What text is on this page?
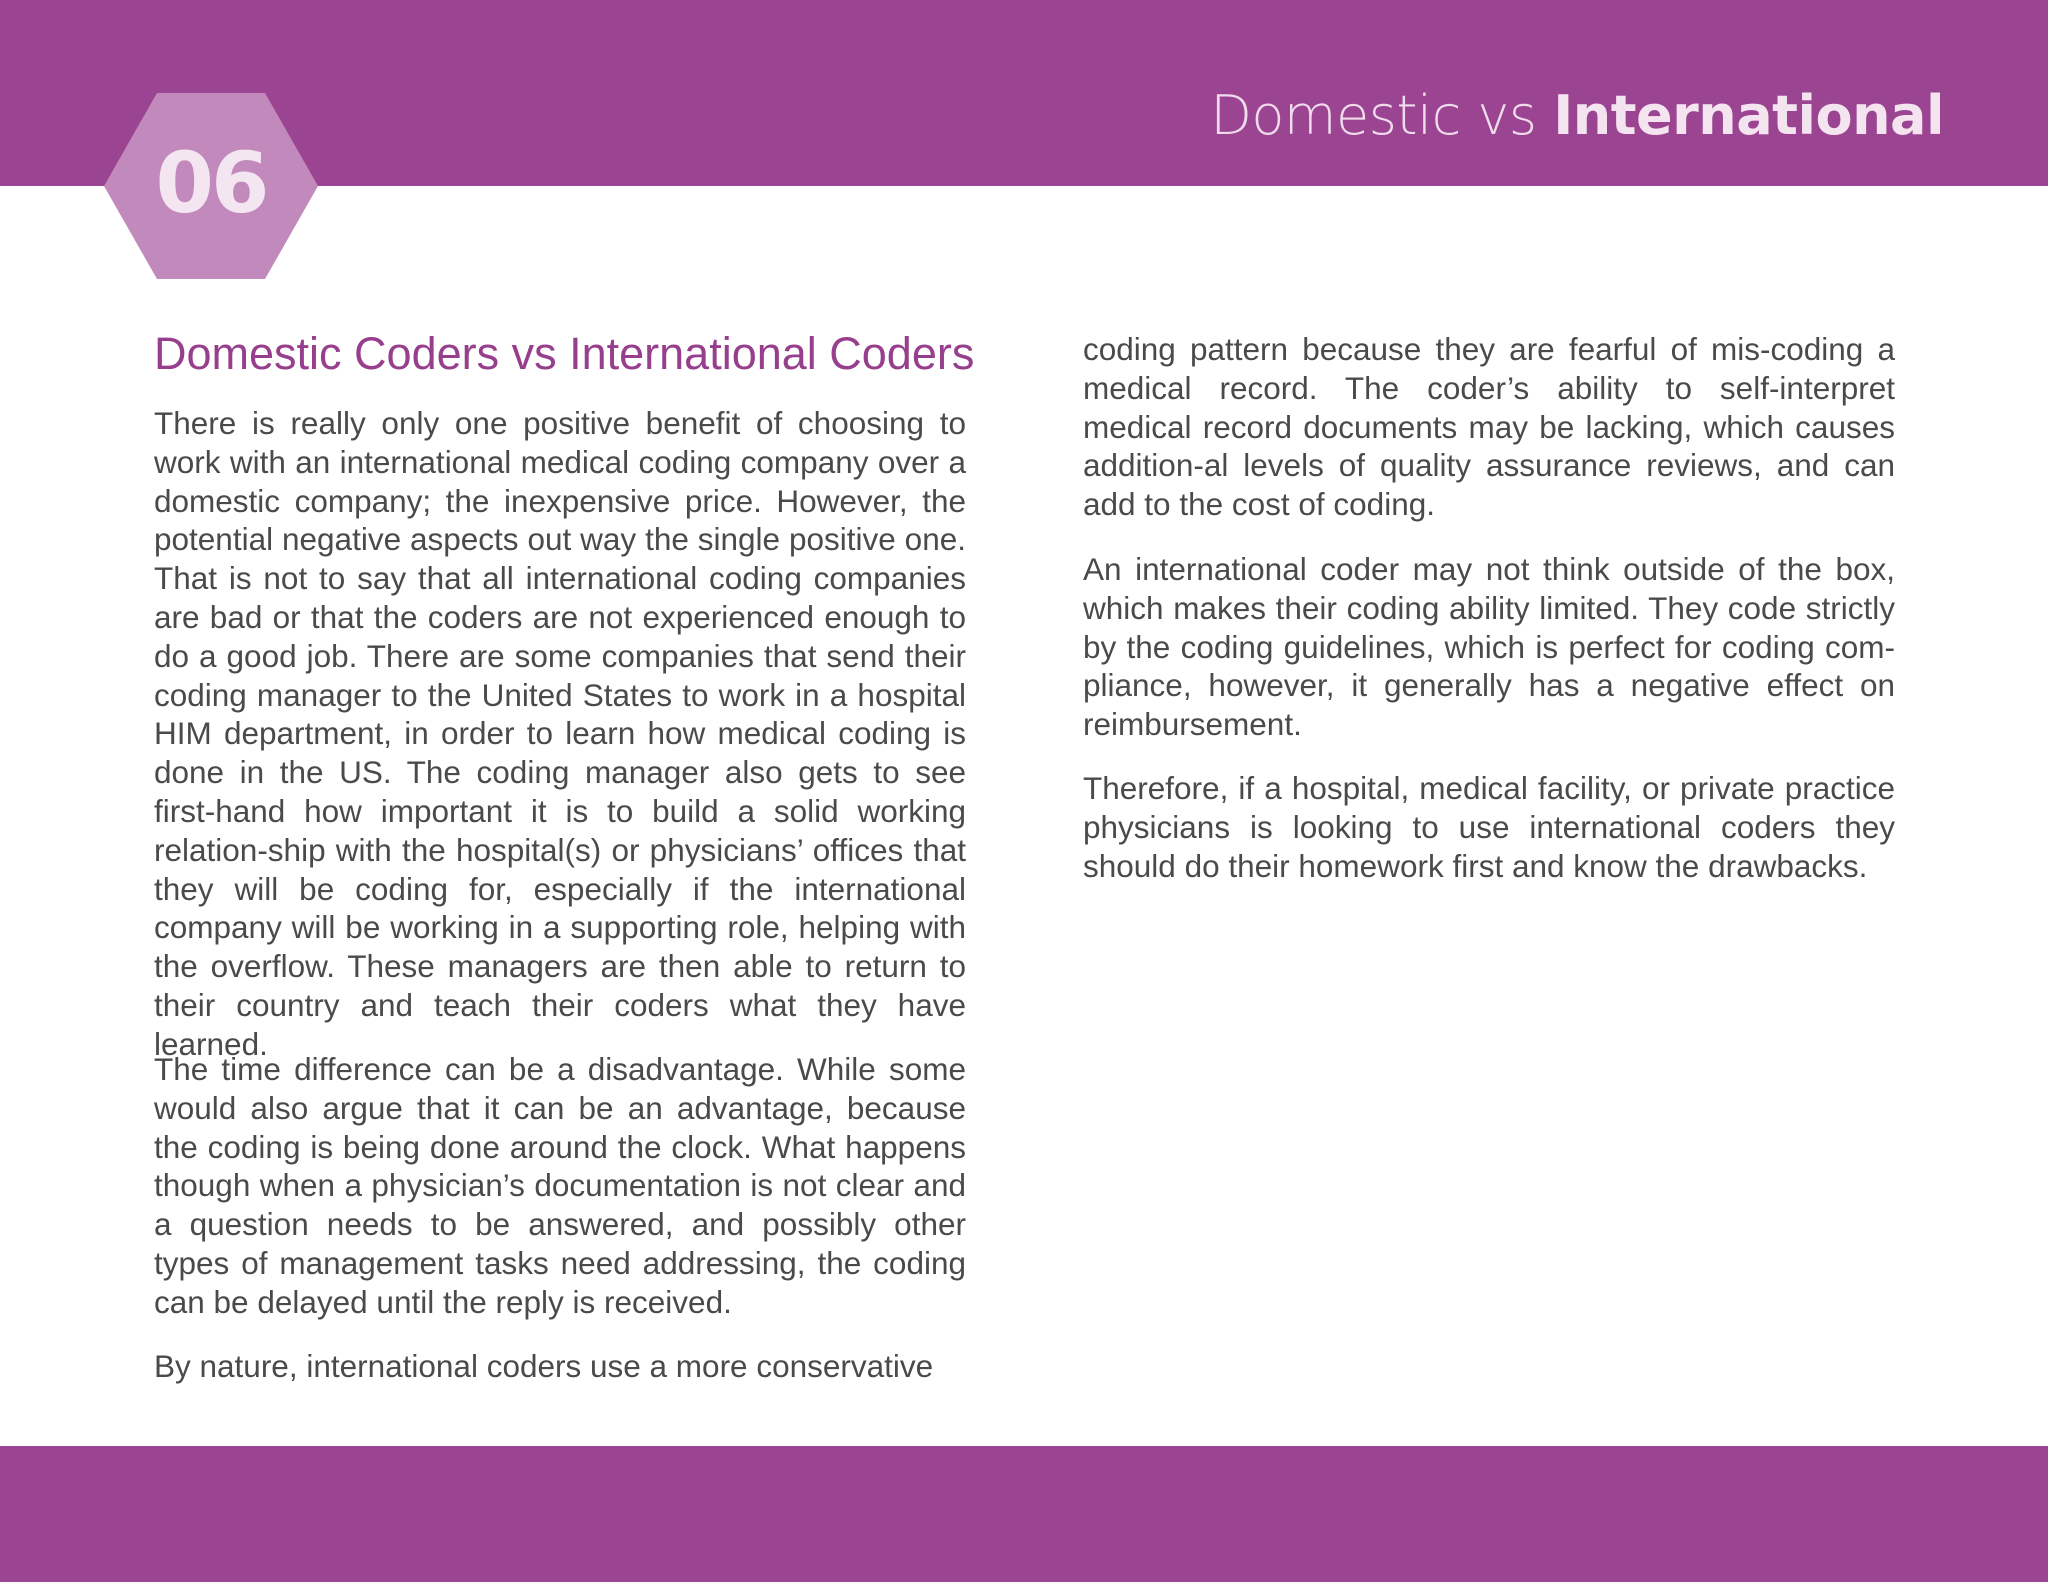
Domestic vs International
06
Domestic Coders vs International Coders

There is really only one positive benefit of choosing to work with an international medical coding company over a domestic company; the inexpensive price. However, the potential negative aspects out way the single positive one. That is not to say that all international coding companies are bad or that the coders are not experienced enough to do a good job. There are some companies that send their coding manager to the United States to work in a hospital HIM department, in order to learn how medical coding is done in the US. The coding manager also gets to see first-hand how important it is to build a solid working relation-ship with the hospital(s) or physicians’ offices that they will be coding for, especially if the international company will be working in a supporting role, helping with the overflow. These managers are then able to return to their country and teach their coders what they have learned.

The time difference can be a disadvantage. While some would also argue that it can be an advantage, because the coding is being done around the clock. What happens though when a physician’s documentation is not clear and a question needs to be answered, and possibly other types of management tasks need addressing, the coding can be delayed until the reply is received.

By nature, international coders use a more conservative

coding pattern because they are fearful of mis-coding a medical record. The coder’s ability to self-interpret medical record documents may be lacking, which causes addition-al levels of quality assurance reviews, and can add to the cost of coding.

An international coder may not think outside of the box, which makes their coding ability limited. They code strictly by the coding guidelines, which is perfect for coding com-pliance, however, it generally has a negative effect on reimbursement.

Therefore, if a hospital, medical facility, or private practice physicians is looking to use international coders they should do their homework first and know the drawbacks.
